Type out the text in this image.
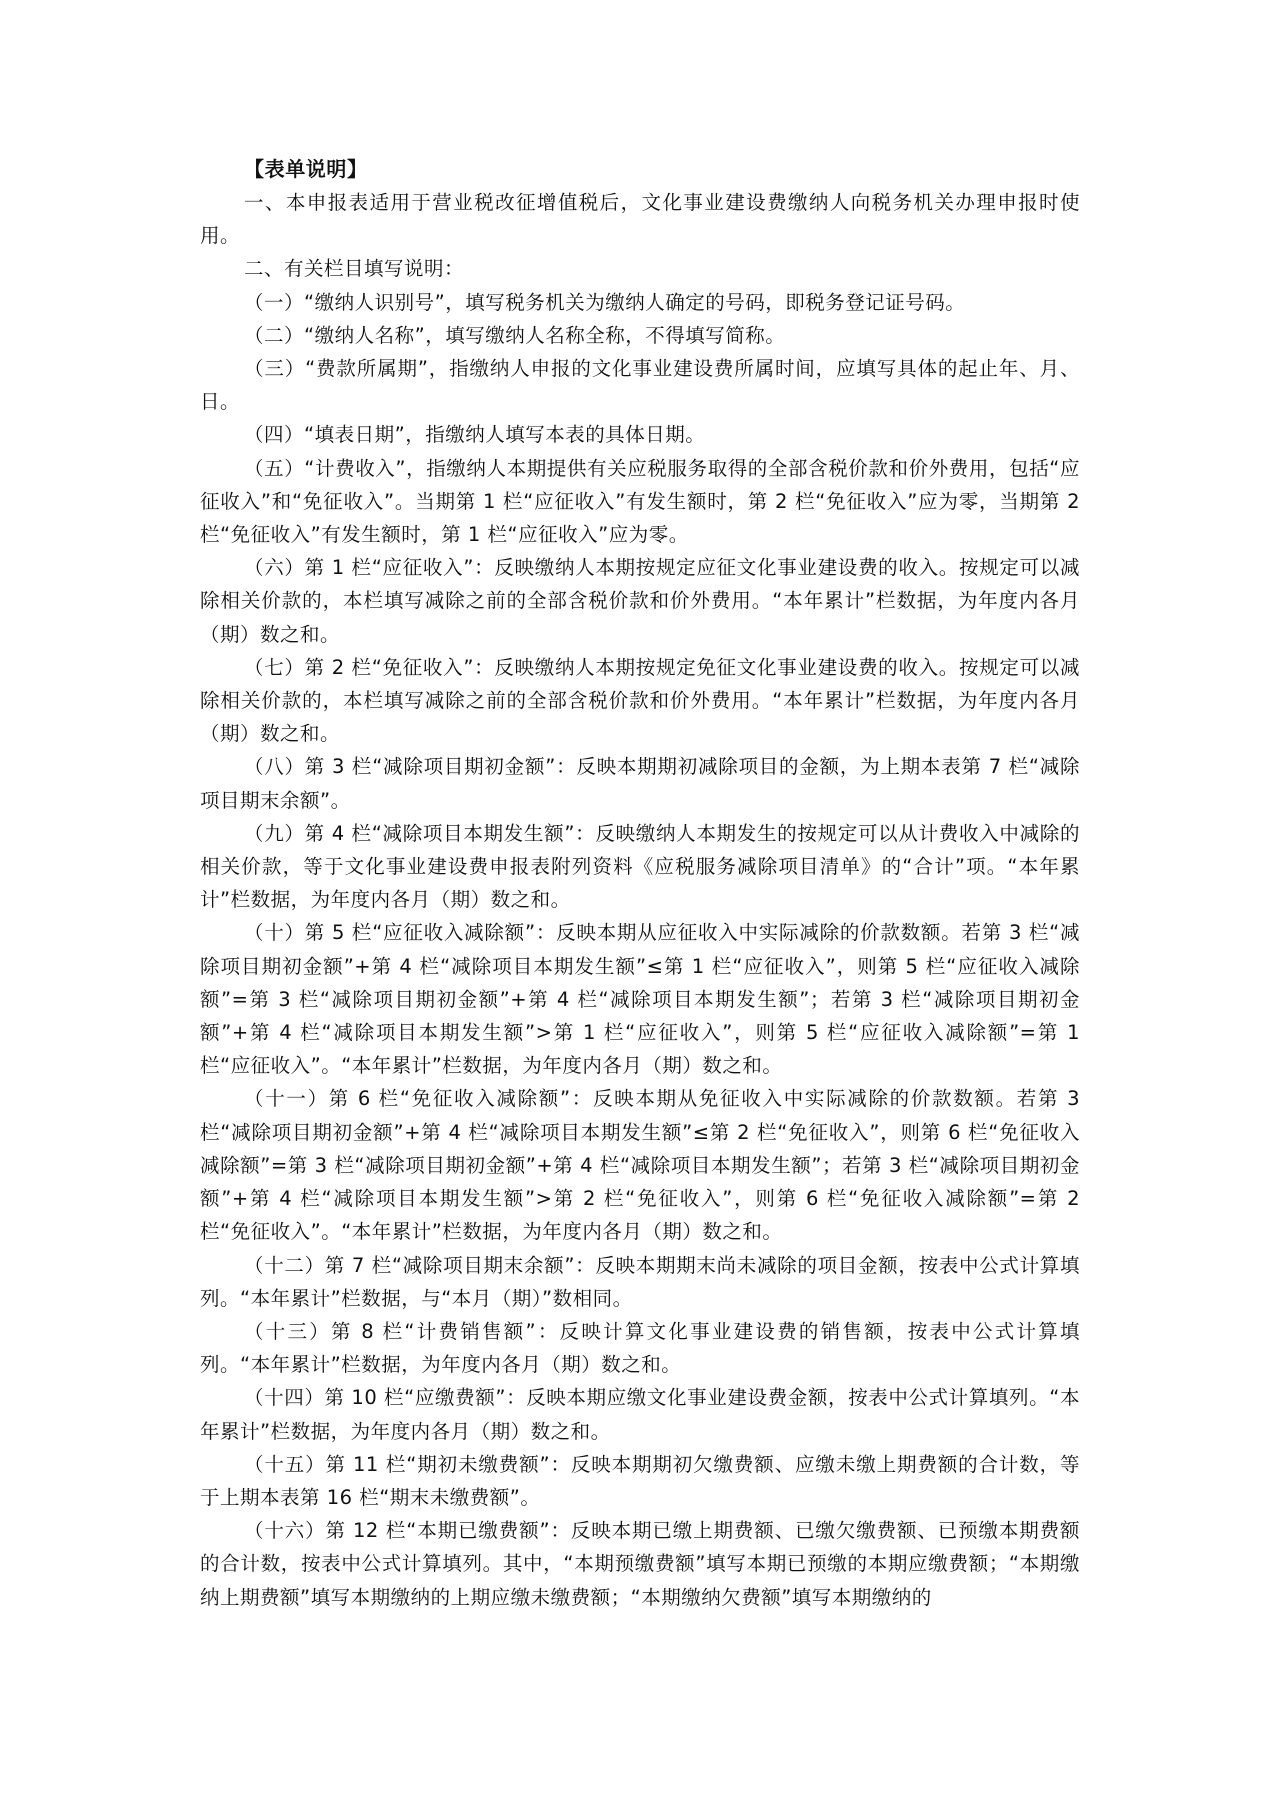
【表单说明】

一、本申报表适用于营业税改征增值税后，文化事业建设费缴纳人向税务机关办理申报时使用。

二、有关栏目填写说明：

（一）“缴纳人识别号”，填写税务机关为缴纳人确定的号码，即税务登记证号码。

（二）“缴纳人名称”，填写缴纳人名称全称，不得填写简称。

（三）“费款所属期”，指缴纳人申报的文化事业建设费所属时间，应填写具体的起止年、月、日。

（四）“填表日期”，指缴纳人填写本表的具体日期。

（五）“计费收入”，指缴纳人本期提供有关应税服务取得的全部含税价款和价外费用，包括“应征收入”和“免征收入”。当期第 1 栏“应征收入”有发生额时，第 2 栏“免征收入”应为零，当期第 2 栏“免征收入”有发生额时，第 1 栏“应征收入”应为零。

（六）第 1 栏“应征收入”：反映缴纳人本期按规定应征文化事业建设费的收入。按规定可以减除相关价款的，本栏填写减除之前的全部含税价款和价外费用。“本年累计”栏数据，为年度内各月（期）数之和。

（七）第 2 栏“免征收入”：反映缴纳人本期按规定免征文化事业建设费的收入。按规定可以减除相关价款的，本栏填写减除之前的全部含税价款和价外费用。“本年累计”栏数据，为年度内各月（期）数之和。

（八）第 3 栏“减除项目期初金额”：反映本期期初减除项目的金额，为上期本表第 7 栏“减除项目期末余额”。

（九）第 4 栏“减除项目本期发生额”：反映缴纳人本期发生的按规定可以从计费收入中减除的相关价款，等于文化事业建设费申报表附列资料《应税服务减除项目清单》的“合计”项。“本年累计”栏数据，为年度内各月（期）数之和。

（十）第 5 栏“应征收入减除额”：反映本期从应征收入中实际减除的价款数额。若第 3 栏“减除项目期初金额”+第 4 栏“减除项目本期发生额”≤第 1 栏“应征收入”，则第 5 栏“应征收入减除额”=第 3 栏“减除项目期初金额”+第 4 栏“减除项目本期发生额”；若第 3 栏“减除项目期初金额”+第 4 栏“减除项目本期发生额”>第 1 栏“应征收入”，则第 5 栏“应征收入减除额”=第 1 栏“应征收入”。“本年累计”栏数据，为年度内各月（期）数之和。

（十一）第 6 栏“免征收入减除额”：反映本期从免征收入中实际减除的价款数额。若第 3 栏“减除项目期初金额”+第 4 栏“减除项目本期发生额”≤第 2 栏“免征收入”，则第 6 栏“免征收入减除额”=第 3 栏“减除项目期初金额”+第 4 栏“减除项目本期发生额”；若第 3 栏“减除项目期初金额”+第 4 栏“减除项目本期发生额”>第 2 栏“免征收入”，则第 6 栏“免征收入减除额”=第 2 栏“免征收入”。“本年累计”栏数据，为年度内各月（期）数之和。

（十二）第 7 栏“减除项目期末余额”：反映本期期末尚未减除的项目金额，按表中公式计算填列。“本年累计”栏数据，与“本月（期）”数相同。

（十三）第 8 栏“计费销售额”：反映计算文化事业建设费的销售额，按表中公式计算填列。“本年累计”栏数据，为年度内各月（期）数之和。

（十四）第 10 栏“应缴费额”：反映本期应缴文化事业建设费金额，按表中公式计算填列。“本年累计”栏数据，为年度内各月（期）数之和。

（十五）第 11 栏“期初未缴费额”：反映本期期初欠缴费额、应缴未缴上期费额的合计数，等于上期本表第 16 栏“期末未缴费额”。

（十六）第 12 栏“本期已缴费额”：反映本期已缴上期费额、已缴欠缴费额、已预缴本期费额的合计数，按表中公式计算填列。其中，“本期预缴费额”填写本期已预缴的本期应缴费额；“本期缴纳上期费额”填写本期缴纳的上期应缴未缴费额；“本期缴纳欠费额”填写本期缴纳的
